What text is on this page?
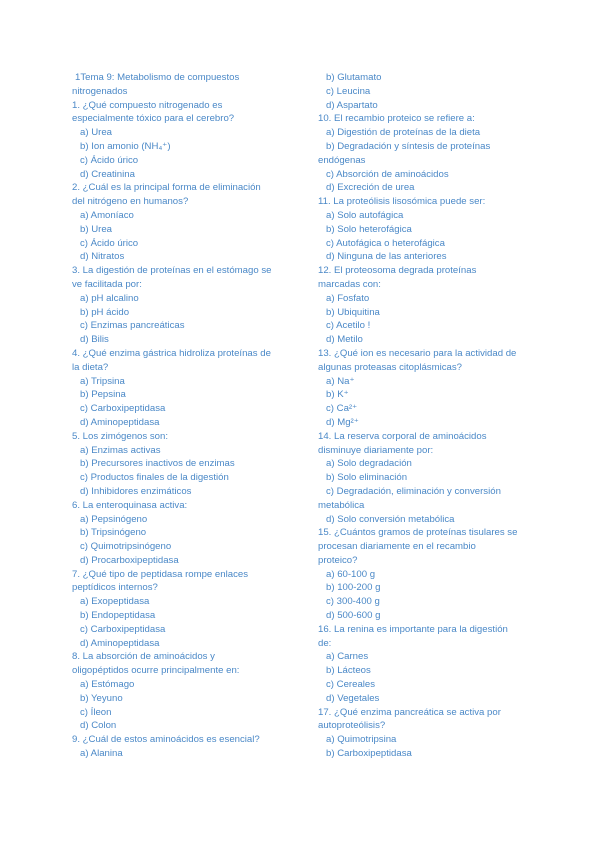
1Tema 9: Metabolismo de compuestos
nitrogenados
1. ¿Qué compuesto nitrogenado es
especialmente tóxico para el cerebro?
a) Urea
b) Ion amonio (NH₄⁺)
c) Ácido úrico
d) Creatinina
2. ¿Cuál es la principal forma de eliminación
del nitrógeno en humanos?
a) Amoníaco
b) Urea
c) Ácido úrico
d) Nitratos
3. La digestión de proteínas en el estómago se
ve facilitada por:
a) pH alcalino
b) pH ácido
c) Enzimas pancreáticas
d) Bilis
4. ¿Qué enzima gástrica hidroliza proteínas de
la dieta?
a) Tripsina
b) Pepsina
c) Carboxipeptidasa
d) Aminopeptidasa
5. Los zimógenos son:
a) Enzimas activas
b) Precursores inactivos de enzimas
c) Productos finales de la digestión
d) Inhibidores enzimáticos
6. La enteroquinasa activa:
a) Pepsinógeno
b) Tripsinógeno
c) Quimotripsinógeno
d) Procarboxipeptidasa
7. ¿Qué tipo de peptidasa rompe enlaces
peptídicos internos?
a) Exopeptidasa
b) Endopeptidasa
c) Carboxipeptidasa
d) Aminopeptidasa
8. La absorción de aminoácidos y
oligopéptidos ocurre principalmente en:
a) Estómago
b) Yeyuno
c) Íleon
d) Colon
9. ¿Cuál de estos aminoácidos es esencial?
a) Alanina
b) Glutamato
c) Leucina
d) Aspartato
10. El recambio proteico se refiere a:
a) Digestión de proteínas de la dieta
b) Degradación y síntesis de proteínas
endógenas
c) Absorción de aminoácidos
d) Excreción de urea
11. La proteólisis lisosómica puede ser:
a) Solo autofágica
b) Solo heterofágica
c) Autofágica o heterofágica
d) Ninguna de las anteriores
12. El proteosoma degrada proteínas
marcadas con:
a) Fosfato
b) Ubiquitina
c) Acetilo !
d) Metilo
13. ¿Qué ion es necesario para la actividad de
algunas proteasas citoplásmicas?
a) Na⁺
b) K⁺
c) Ca²⁺
d) Mg²⁺
14. La reserva corporal de aminoácidos
disminuye diariamente por:
a) Solo degradación
b) Solo eliminación
c) Degradación, eliminación y conversión
metabólica
d) Solo conversión metabólica
15. ¿Cuántos gramos de proteínas tisulares se
procesan diariamente en el recambio
proteico?
a) 60-100 g
b) 100-200 g
c) 300-400 g
d) 500-600 g
16. La renina es importante para la digestión
de:
a) Carnes
b) Lácteos
c) Cereales
d) Vegetales
17. ¿Qué enzima pancreática se activa por
autoproteólisis?
a) Quimotripsina
b) Carboxipeptidasa
